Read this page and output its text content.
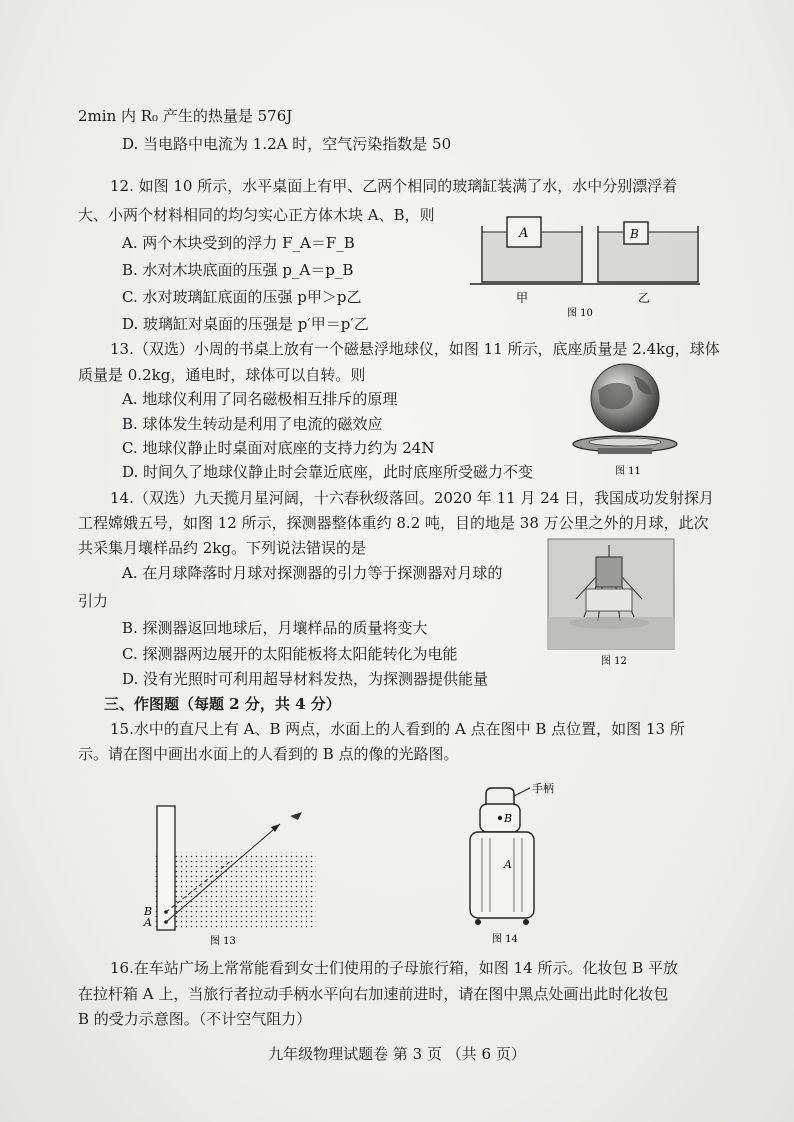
2min 内 R₀ 产生的热量是 576J
D. 当电路中电流为 1.2A 时，空气污染指数是 50
12. 如图 10 所示，水平桌面上有甲、乙两个相同的玻璃缸装满了水，水中分别漂浮着
大、小两个材料相同的均匀实心正方体木块 A、B，则
A. 两个木块受到的浮力 F_A＝F_B
B. 水对木块底面的压强 p_A＝p_B
C. 水对玻璃缸底面的压强 p甲＞p乙
D. 玻璃缸对桌面的压强是 p′甲＝p′乙
A	B
甲	乙
图 10
13.（双选）小周的书桌上放有一个磁悬浮地球仪，如图 11 所示，底座质量是 2.4kg，球体
质量是 0.2kg，通电时，球体可以自转。则
A. 地球仪利用了同名磁极相互排斥的原理
B. 球体发生转动是利用了电流的磁效应
C. 地球仪静止时桌面对底座的支持力约为 24N
D. 时间久了地球仪静止时会靠近底座，此时底座所受磁力不变	图 11
14.（双选）九天揽月星河阔，十六春秋级落回。2020 年 11 月 24 日，我国成功发射探月
工程嫦娥五号，如图 12 所示，探测器整体重约 8.2 吨，目的地是 38 万公里之外的月球，此次
共采集月壤样品约 2kg。下列说法错误的是
A. 在月球降落时月球对探测器的引力等于探测器对月球的
引力
B. 探测器返回地球后，月壤样品的质量将变大
C. 探测器两边展开的太阳能板将太阳能转化为电能
D. 没有光照时可利用超导材料发热，为探测器提供能量
图 12
三、作图题（每题 2 分，共 4 分）
15.水中的直尺上有 A、B 两点，水面上的人看到的 A 点在图中 B 点位置，如图 13 所
示。请在图中画出水面上的人看到的 B 点的像的光路图。
B
A
图 13
手柄
B
A
图 14
16.在车站广场上常常能看到女士们使用的子母旅行箱，如图 14 所示。化妆包 B 平放
在拉杆箱 A 上，当旅行者拉动手柄水平向右加速前进时，请在图中黑点处画出此时化妆包
B 的受力示意图。（不计空气阻力）
九年级物理试题卷 第 3 页 （共 6 页）
